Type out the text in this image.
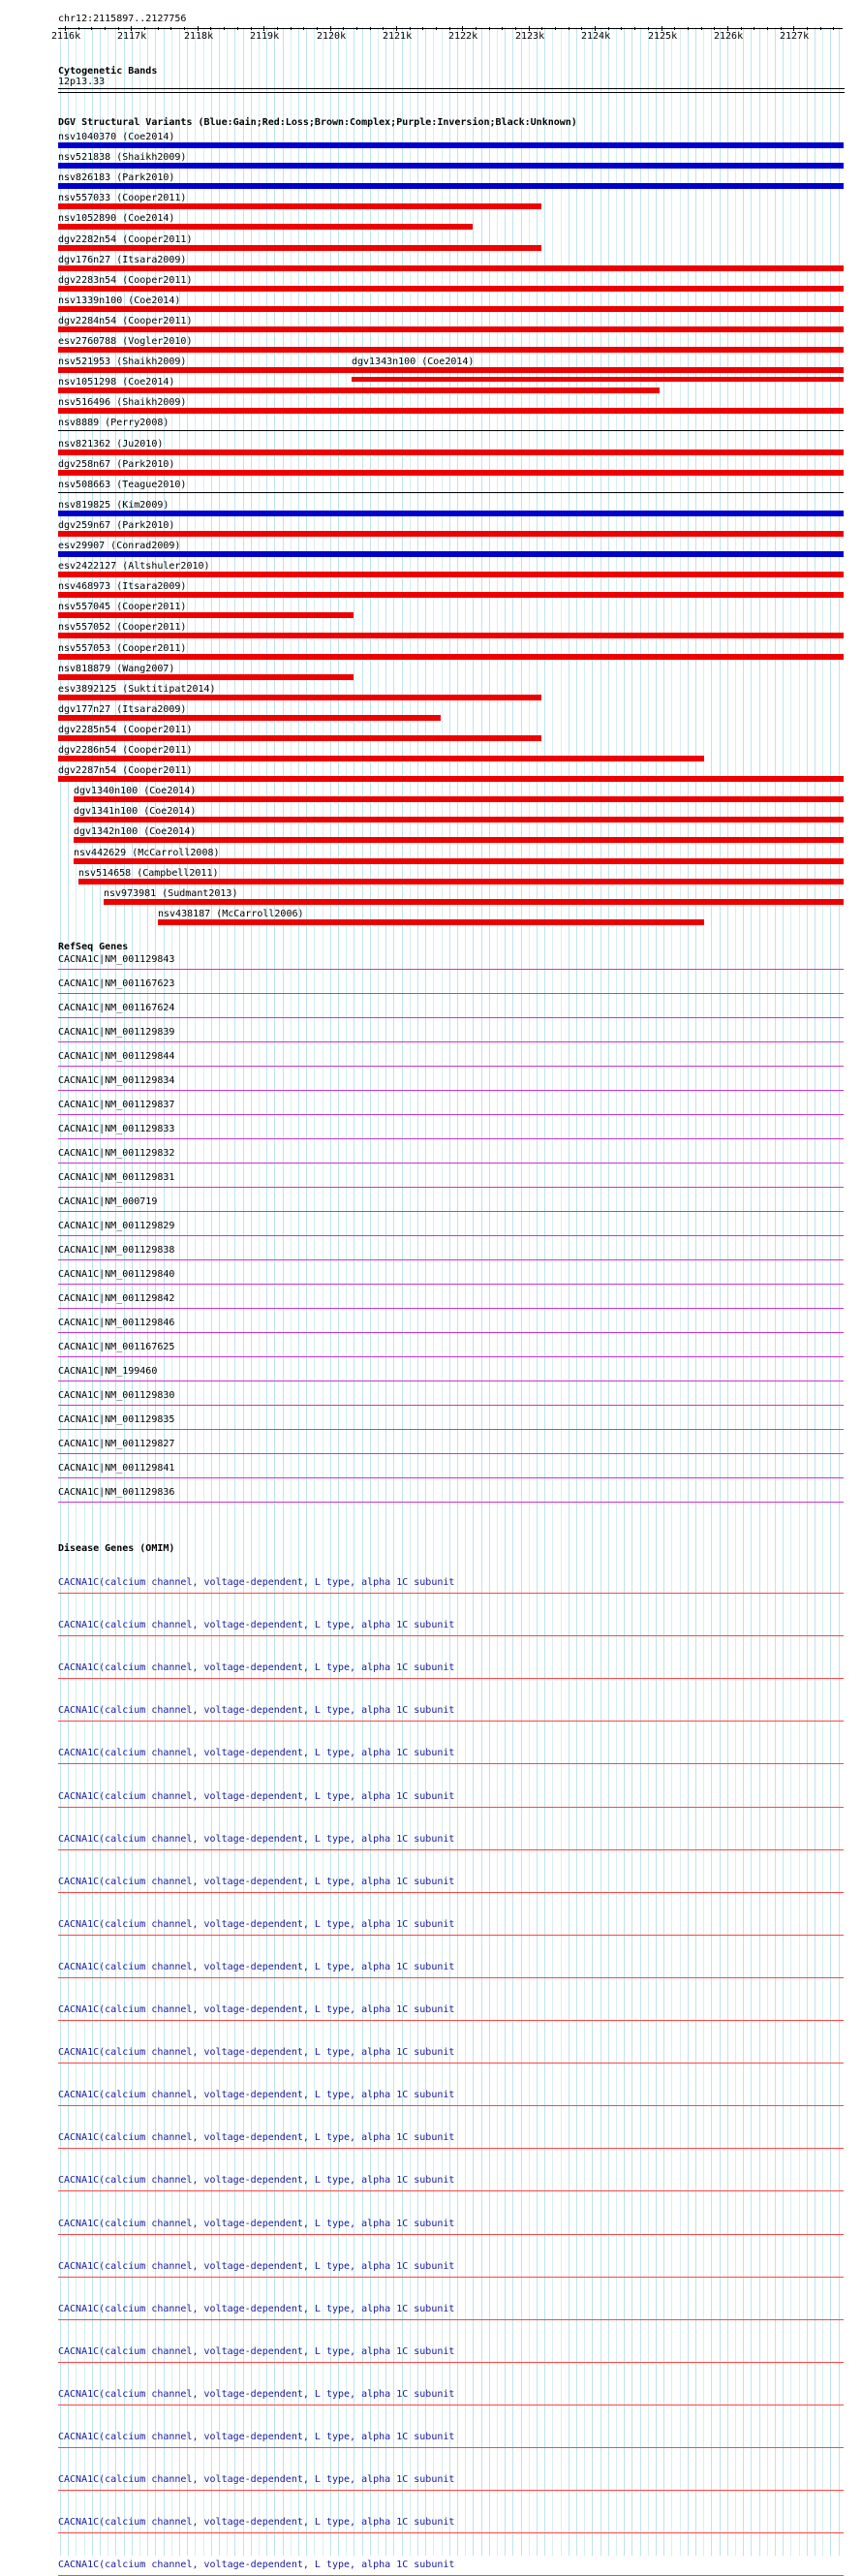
chr12:2115897..2127756
Cytogenetic Bands
12p13.33
DGV Structural Variants (Blue:Gain;Red:Loss;Brown:Complex;Purple:Inversion;Black:Unknown)
RefSeq Genes
Disease Genes (OMIM)
2116k	2117k	2118k	2119k	2120k	2121k	2122k	2123k	2124k	2125k	2126k	2127k
nsv1040370 (Coe2014)
nsv521838 (Shaikh2009)
nsv826183 (Park2010)
nsv557033 (Cooper2011)
nsv1052890 (Coe2014)
dgv2282n54 (Cooper2011)
dgv176n27 (Itsara2009)
dgv2283n54 (Cooper2011)
nsv1339n100 (Coe2014)
dgv2284n54 (Cooper2011)
esv2760788 (Vogler2010)
nsv521953 (Shaikh2009)	dgv1343n100 (Coe2014)
nsv1051298 (Coe2014)
nsv516496 (Shaikh2009)
nsv8889 (Perry2008)
nsv821362 (Ju2010)
dgv258n67 (Park2010)
nsv508663 (Teague2010)
nsv819825 (Kim2009)
dgv259n67 (Park2010)
esv29907 (Conrad2009)
esv2422127 (Altshuler2010)
nsv468973 (Itsara2009)
nsv557045 (Cooper2011)
nsv557052 (Cooper2011)
nsv557053 (Cooper2011)
nsv818879 (Wang2007)
esv3892125 (Suktitipat2014)
dgv177n27 (Itsara2009)
dgv2285n54 (Cooper2011)
dgv2286n54 (Cooper2011)
dgv2287n54 (Cooper2011)
dgv1340n100 (Coe2014)
dgv1341n100 (Coe2014)
dgv1342n100 (Coe2014)
nsv442629 (McCarroll2008)
nsv514658 (Campbell2011)
nsv973981 (Sudmant2013)
nsv438187 (McCarroll2006)
CACNA1C|NM_001129843
CACNA1C|NM_001167623
CACNA1C|NM_001167624
CACNA1C|NM_001129839
CACNA1C|NM_001129844
CACNA1C|NM_001129834
CACNA1C|NM_001129837
CACNA1C|NM_001129833
CACNA1C|NM_001129832
CACNA1C|NM_001129831
CACNA1C|NM_000719
CACNA1C|NM_001129829
CACNA1C|NM_001129838
CACNA1C|NM_001129840
CACNA1C|NM_001129842
CACNA1C|NM_001129846
CACNA1C|NM_001167625
CACNA1C|NM_199460
CACNA1C|NM_001129830
CACNA1C|NM_001129835
CACNA1C|NM_001129827
CACNA1C|NM_001129841
CACNA1C|NM_001129836
CACNA1C(calcium channel, voltage-dependent, L type, alpha 1C subunit
CACNA1C(calcium channel, voltage-dependent, L type, alpha 1C subunit
CACNA1C(calcium channel, voltage-dependent, L type, alpha 1C subunit
CACNA1C(calcium channel, voltage-dependent, L type, alpha 1C subunit
CACNA1C(calcium channel, voltage-dependent, L type, alpha 1C subunit
CACNA1C(calcium channel, voltage-dependent, L type, alpha 1C subunit
CACNA1C(calcium channel, voltage-dependent, L type, alpha 1C subunit
CACNA1C(calcium channel, voltage-dependent, L type, alpha 1C subunit
CACNA1C(calcium channel, voltage-dependent, L type, alpha 1C subunit
CACNA1C(calcium channel, voltage-dependent, L type, alpha 1C subunit
CACNA1C(calcium channel, voltage-dependent, L type, alpha 1C subunit
CACNA1C(calcium channel, voltage-dependent, L type, alpha 1C subunit
CACNA1C(calcium channel, voltage-dependent, L type, alpha 1C subunit
CACNA1C(calcium channel, voltage-dependent, L type, alpha 1C subunit
CACNA1C(calcium channel, voltage-dependent, L type, alpha 1C subunit
CACNA1C(calcium channel, voltage-dependent, L type, alpha 1C subunit
CACNA1C(calcium channel, voltage-dependent, L type, alpha 1C subunit
CACNA1C(calcium channel, voltage-dependent, L type, alpha 1C subunit
CACNA1C(calcium channel, voltage-dependent, L type, alpha 1C subunit
CACNA1C(calcium channel, voltage-dependent, L type, alpha 1C subunit
CACNA1C(calcium channel, voltage-dependent, L type, alpha 1C subunit
CACNA1C(calcium channel, voltage-dependent, L type, alpha 1C subunit
CACNA1C(calcium channel, voltage-dependent, L type, alpha 1C subunit
CACNA1C(calcium channel, voltage-dependent, L type, alpha 1C subunit
